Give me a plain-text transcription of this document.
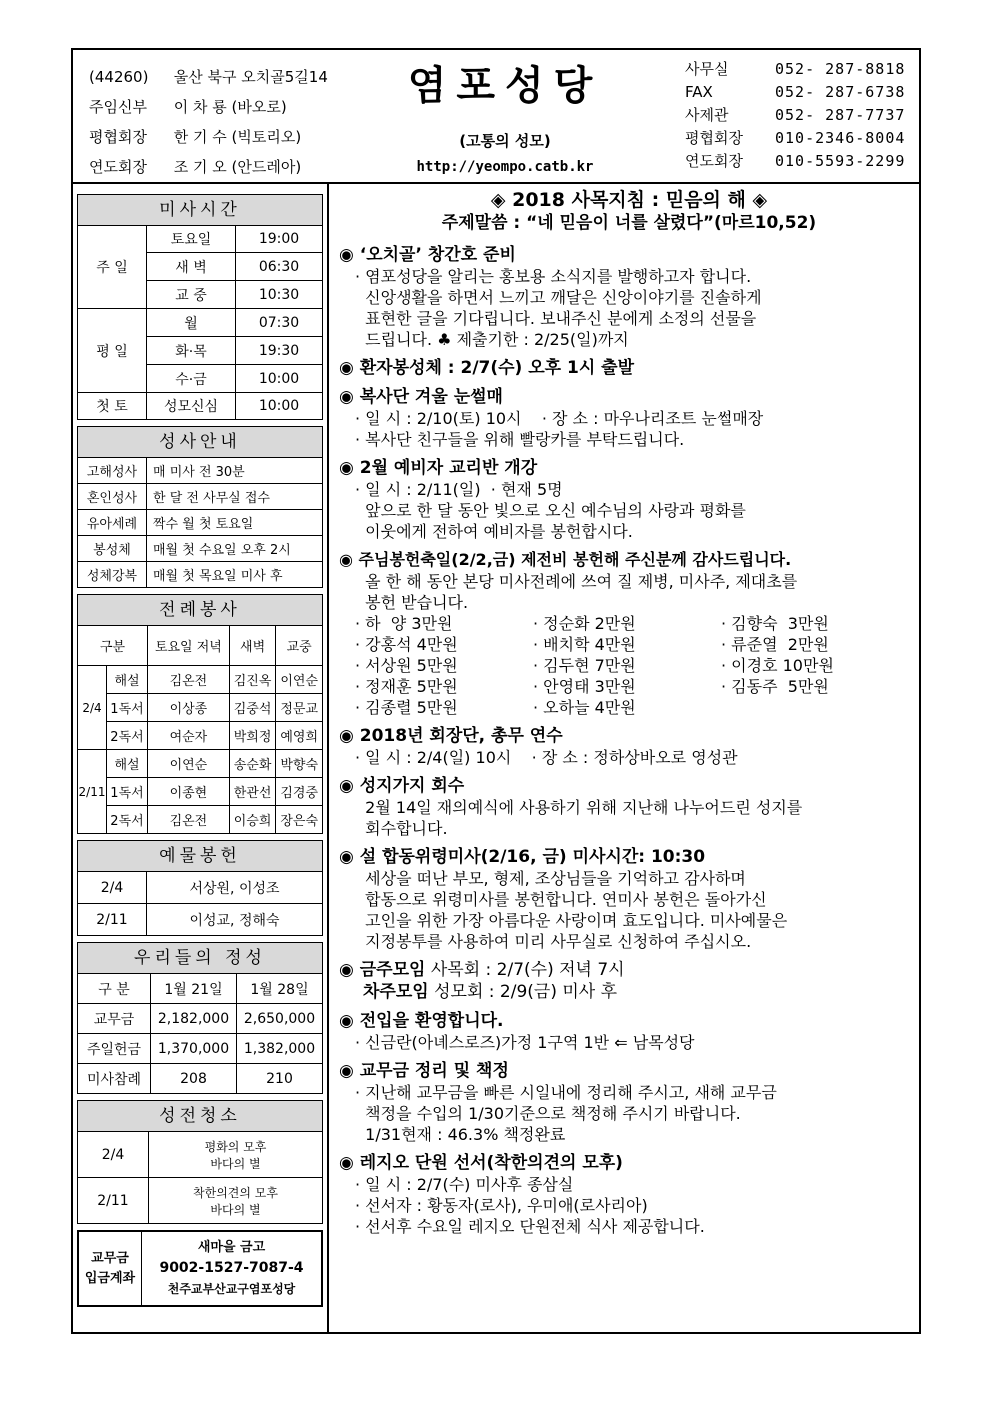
(44260) 울산 북구 오치골5길14
주임신부 이 차 룡 (바오로)
평협회장 한 기 수 (빅토리오)
연도회장 조 기 오 (안드레아)
염포성당
(고통의 성모)
http://yeompo.catb.kr
사무실	052- 287-8818
FAX	052- 287-6738
사제관	052- 287-7737
평협회장 010-2346-8004
연도회장 010-5593-2299
미사시간
주 일	토요일	19:00
	새 벽	06:30
	교 중	10:30
평 일	월	07:30
	화·목	19:30
	수·금	10:00
첫 토	성모신심	10:00
성사안내
고해성사	매 미사 전 30분
혼인성사	한 달 전 사무실 접수
유아세례	짝수 월 첫 토요일
봉성체	매월 첫 수요일 오후 2시
성체강복	매월 첫 목요일 미사 후
전례봉사
구분		토요일 저녁	새벽	교중
2/4	해설	김온전	김진옥	이연순
	1독서	이상종	김중석	정문교
	2독서	여순자	박희정	예영희
2/11	해설	이연순	송순화	박향숙
	1독서	이종현	한관선	김경중
	2독서	김온전	이승희	장은숙
예물봉헌
2/4	서상원, 이성조
2/11	이성교, 정해숙
우리들의 정성
구 분	1월 21일	1월 28일
교무금	2,182,000	2,650,000
주일헌금	1,370,000	1,382,000
미사참례	208	210
성전청소
2/4	평화의 모후
바다의 별
2/11	착한의견의 모후
바다의 별
교무금
입금계좌	새마을 금고
9002-1527-7087-4
천주교부산교구염포성당
◈ 2018 사목지침 : 믿음의 해 ◈
주제말씀 : “네 믿음이 너를 살렸다”(마르10,52)
◉ ‘오치골’ 창간호 준비
· 염포성당을 알리는 홍보용 소식지를 발행하고자 합니다.
신앙생활을 하면서 느끼고 깨달은 신앙이야기를 진솔하게
표현한 글을 기다립니다. 보내주신 분에게 소정의 선물을
드립니다. ♣ 제출기한 : 2/25(일)까지
◉ 환자봉성체 : 2/7(수) 오후 1시 출발
◉ 복사단 겨울 눈썰매
· 일 시 : 2/10(토) 10시    · 장 소 : 마우나리조트 눈썰매장
· 복사단 친구들을 위해 빨랑카를 부탁드립니다.
◉ 2월 예비자 교리반 개강
· 일 시 : 2/11(일)  · 현재 5명
앞으로 한 달 동안 빛으로 오신 예수님의 사랑과 평화를
이웃에게 전하여 예비자를 봉헌합시다.
◉ 주님봉헌축일(2/2,금) 제전비 봉헌해 주신분께 감사드립니다.
올 한 해 동안 본당 미사전례에 쓰여 질 제병, 미사주, 제대초를
봉헌 받습니다.
· 하  양 3만원	· 정순화 2만원	· 김향숙  3만원
· 강홍석 4만원	· 배치학 4만원	· 류준열  2만원
· 서상원 5만원	· 김두현 7만원	· 이경호 10만원
· 정재훈 5만원	· 안영태 3만원	· 김동주  5만원
· 김종렬 5만원	· 오하늘 4만원
◉ 2018년 회장단, 총무 연수
· 일 시 : 2/4(일) 10시    · 장 소 : 정하상바오로 영성관
◉ 성지가지 회수
2월 14일 재의예식에 사용하기 위해 지난해 나누어드린 성지를
회수합니다.
◉ 설 합동위령미사(2/16, 금) 미사시간: 10:30
세상을 떠난 부모, 형제, 조상님들을 기억하고 감사하며
합동으로 위령미사를 봉헌합니다. 연미사 봉헌은 돌아가신
고인을 위한 가장 아름다운 사랑이며 효도입니다. 미사예물은
지정봉투를 사용하여 미리 사무실로 신청하여 주십시오.
◉ 금주모임 사목회 : 2/7(수) 저녁 7시
차주모임 성모회 : 2/9(금) 미사 후
◉ 전입을 환영합니다.
· 신금란(아녜스로즈)가정 1구역 1반 ⇐ 남목성당
◉ 교무금 정리 및 책정
· 지난해 교무금을 빠른 시일내에 정리해 주시고, 새해 교무금
책정을 수입의 1/30기준으로 책정해 주시기 바랍니다.
1/31현재 : 46.3% 책정완료
◉ 레지오 단원 선서(착한의견의 모후)
· 일 시 : 2/7(수) 미사후 종삼실
· 선서자 : 황동자(로사), 우미애(로사리아)
· 선서후 수요일 레지오 단원전체 식사 제공합니다.
